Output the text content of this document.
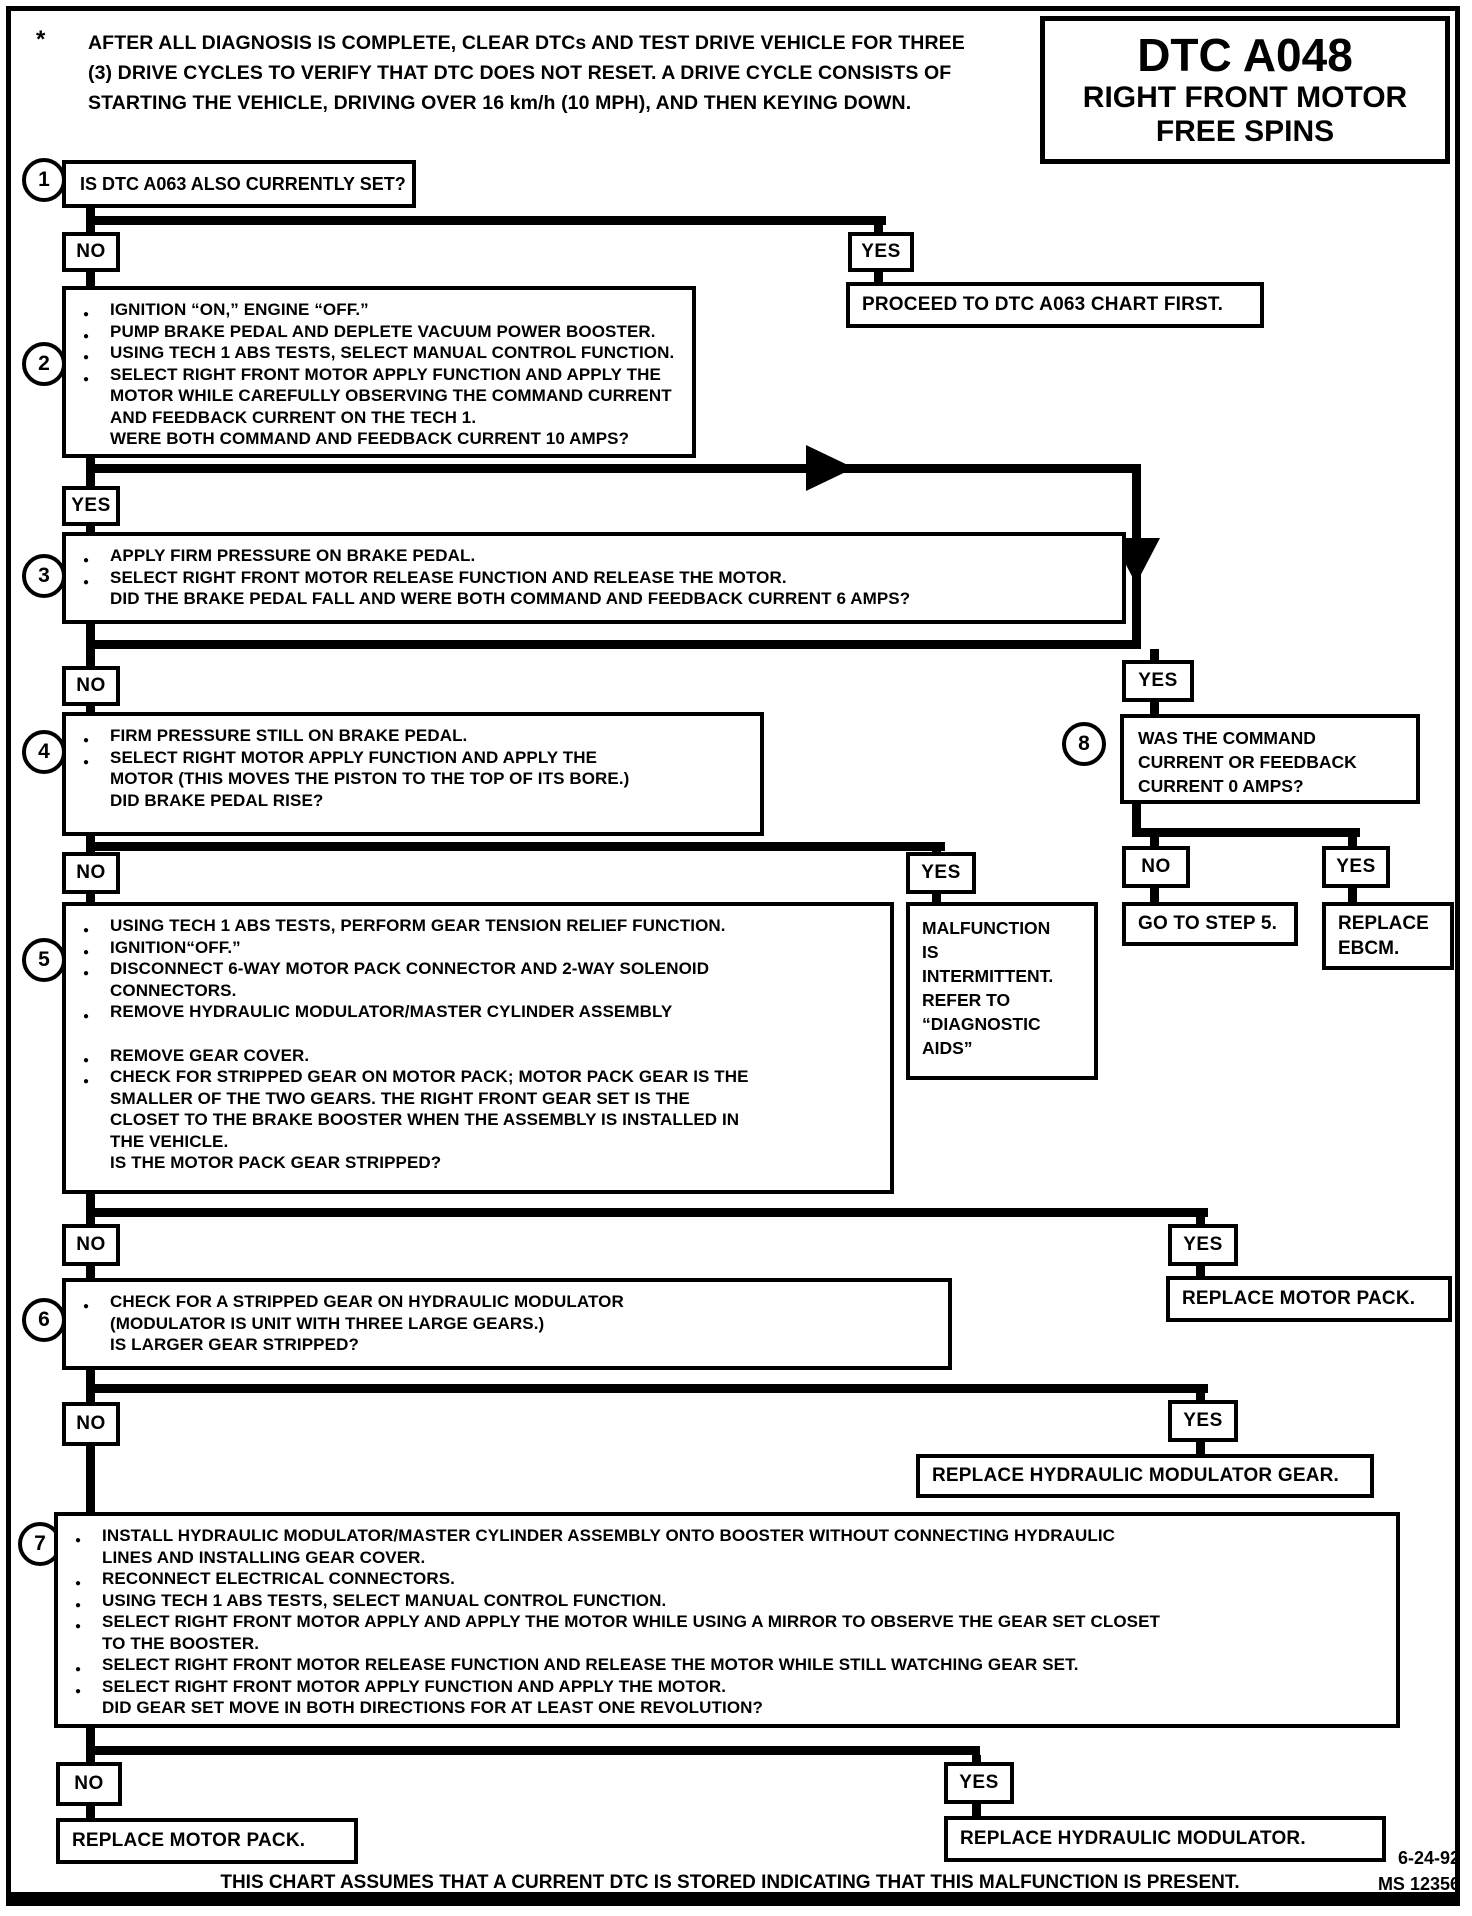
* AFTER ALL DIAGNOSIS IS COMPLETE, CLEAR DTCs AND TEST DRIVE VEHICLE FOR THREE
(3) DRIVE CYCLES TO VERIFY THAT DTC DOES NOT RESET. A DRIVE CYCLE CONSISTS OF
STARTING THE VEHICLE, DRIVING OVER 16 km/h (10 MPH), AND THEN KEYING DOWN.
DTC A048
RIGHT FRONT MOTOR
FREE SPINS
1	IS DTC A063 ALSO CURRENTLY SET?
NO	YES
PROCEED TO DTC A063 CHART FIRST.
2
● IGNITION “ON,” ENGINE “OFF.”
● PUMP BRAKE PEDAL AND DEPLETE VACUUM POWER BOOSTER.
● USING TECH 1 ABS TESTS, SELECT MANUAL CONTROL FUNCTION.
● SELECT RIGHT FRONT MOTOR APPLY FUNCTION AND APPLY THE
MOTOR WHILE CAREFULLY OBSERVING THE COMMAND CURRENT
AND FEEDBACK CURRENT ON THE TECH 1.
WERE BOTH COMMAND AND FEEDBACK CURRENT 10 AMPS?
YES
3
● APPLY FIRM PRESSURE ON BRAKE PEDAL.
● SELECT RIGHT FRONT MOTOR RELEASE FUNCTION AND RELEASE THE MOTOR.
DID THE BRAKE PEDAL FALL AND WERE BOTH COMMAND AND FEEDBACK CURRENT 6 AMPS?
NO	YES
4
● FIRM PRESSURE STILL ON BRAKE PEDAL.
● SELECT RIGHT MOTOR APPLY FUNCTION AND APPLY THE
MOTOR (THIS MOVES THE PISTON TO THE TOP OF ITS BORE.)
DID BRAKE PEDAL RISE?
8	WAS THE COMMAND
CURRENT OR FEEDBACK
CURRENT 0 AMPS?
NO	YES	NO	YES
GO TO STEP 5.	REPLACE
EBCM.
MALFUNCTION
IS
INTERMITTENT.
REFER TO
“DIAGNOSTIC
AIDS”
5
● USING TECH 1 ABS TESTS, PERFORM GEAR TENSION RELIEF FUNCTION.
● IGNITION“OFF.”
● DISCONNECT 6-WAY MOTOR PACK CONNECTOR AND 2-WAY SOLENOID
CONNECTORS.
● REMOVE HYDRAULIC MODULATOR/MASTER CYLINDER ASSEMBLY
● REMOVE GEAR COVER.
● CHECK FOR STRIPPED GEAR ON MOTOR PACK; MOTOR PACK GEAR IS THE
SMALLER OF THE TWO GEARS. THE RIGHT FRONT GEAR SET IS THE
CLOSET TO THE BRAKE BOOSTER WHEN THE ASSEMBLY IS INSTALLED IN
THE VEHICLE.
IS THE MOTOR PACK GEAR STRIPPED?
NO	YES
REPLACE MOTOR PACK.
6
● CHECK FOR A STRIPPED GEAR ON HYDRAULIC MODULATOR
(MODULATOR IS UNIT WITH THREE LARGE GEARS.)
IS LARGER GEAR STRIPPED?
NO	YES
REPLACE HYDRAULIC MODULATOR GEAR.
7	● INSTALL HYDRAULIC MODULATOR/MASTER CYLINDER ASSEMBLY ONTO BOOSTER WITHOUT CONNECTING HYDRAULIC
LINES AND INSTALLING GEAR COVER.
● RECONNECT ELECTRICAL CONNECTORS.
● USING TECH 1 ABS TESTS, SELECT MANUAL CONTROL FUNCTION.
● SELECT RIGHT FRONT MOTOR APPLY AND APPLY THE MOTOR WHILE USING A MIRROR TO OBSERVE THE GEAR SET CLOSET
TO THE BOOSTER.
● SELECT RIGHT FRONT MOTOR RELEASE FUNCTION AND RELEASE THE MOTOR WHILE STILL WATCHING GEAR SET.
● SELECT RIGHT FRONT MOTOR APPLY FUNCTION AND APPLY THE MOTOR.
DID GEAR SET MOVE IN BOTH DIRECTIONS FOR AT LEAST ONE REVOLUTION?
NO	YES
REPLACE MOTOR PACK.	REPLACE HYDRAULIC MODULATOR.
THIS CHART ASSUMES THAT A CURRENT DTC IS STORED INDICATING THAT THIS MALFUNCTION IS PRESENT.
6-24-92
MS 12356
